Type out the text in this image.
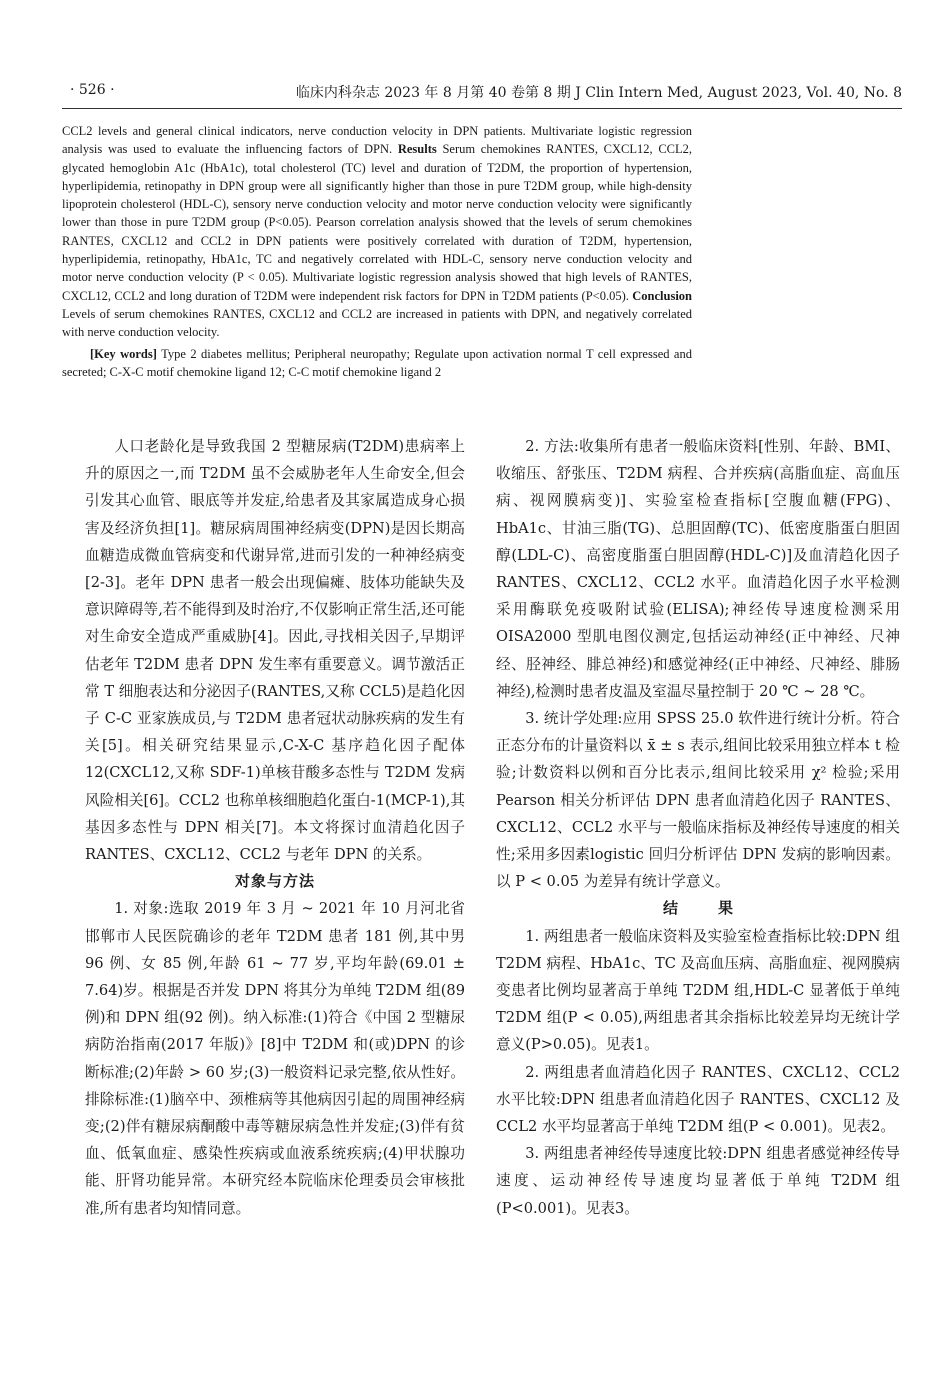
· 526 ·	临床内科杂志 2023 年 8 月第 40 卷第 8 期 J Clin Intern Med, August 2023, Vol. 40, No. 8

CCL2 levels and general clinical indicators, nerve conduction velocity in DPN patients. Multivariate logistic regression analysis was used to evaluate the influencing factors of DPN. Results Serum chemokines RANTES, CXCL12, CCL2, glycated hemoglobin A1c (HbA1c), total cholesterol (TC) level and duration of T2DM, the proportion of hypertension, hyperlipidemia, retinopathy in DPN group were all significantly higher than those in pure T2DM group, while high-density lipoprotein cholesterol (HDL-C), sensory nerve conduction velocity and motor nerve conduction velocity were significantly lower than those in pure T2DM group (P<0.05). Pearson correlation analysis showed that the levels of serum chemokines RANTES, CXCL12 and CCL2 in DPN patients were positively correlated with duration of T2DM, hypertension, hyperlipidemia, retinopathy, HbA1c, TC and negatively correlated with HDL-C, sensory nerve conduction velocity and motor nerve conduction velocity (P < 0.05). Multivariate logistic regression analysis showed that high levels of RANTES, CXCL12, CCL2 and long duration of T2DM were independent risk factors for DPN in T2DM patients (P<0.05). Conclusion Levels of serum chemokines RANTES, CXCL12 and CCL2 are increased in patients with DPN, and negatively correlated with nerve conduction velocity.

[Key words] Type 2 diabetes mellitus; Peripheral neuropathy; Regulate upon activation normal T cell expressed and secreted; C-X-C motif chemokine ligand 12; C-C motif chemokine ligand 2

人口老龄化是导致我国 2 型糖尿病(T2DM)患病率上升的原因之一,而 T2DM 虽不会威胁老年人生命安全,但会引发其心血管、眼底等并发症,给患者及其家属造成身心损害及经济负担[1]。糖尿病周围神经病变(DPN)是因长期高血糖造成微血管病变和代谢异常,进而引发的一种神经病变[2-3]。老年 DPN 患者一般会出现偏瘫、肢体功能缺失及意识障碍等,若不能得到及时治疗,不仅影响正常生活,还可能对生命安全造成严重威胁[4]。因此,寻找相关因子,早期评估老年 T2DM 患者 DPN 发生率有重要意义。调节激活正常 T 细胞表达和分泌因子(RANTES,又称 CCL5)是趋化因子 C-C 亚家族成员,与 T2DM 患者冠状动脉疾病的发生有关[5]。相关研究结果显示,C-X-C 基序趋化因子配体 12(CXCL12,又称 SDF-1)单核苷酸多态性与 T2DM 发病风险相关[6]。CCL2 也称单核细胞趋化蛋白-1(MCP-1),其基因多态性与 DPN 相关[7]。本文将探讨血清趋化因子 RANTES、CXCL12、CCL2 与老年 DPN 的关系。

对象与方法

1. 对象:选取 2019 年 3 月 ~ 2021 年 10 月河北省邯郸市人民医院确诊的老年 T2DM 患者 181 例,其中男 96 例、女 85 例,年龄 61 ~ 77 岁,平均年龄(69.01 ± 7.64)岁。根据是否并发 DPN 将其分为单纯 T2DM 组(89 例)和 DPN 组(92 例)。纳入标准:(1)符合《中国 2 型糖尿病防治指南(2017 年版)》[8]中 T2DM 和(或)DPN 的诊断标准;(2)年龄 > 60 岁;(3)一般资料记录完整,依从性好。排除标准:(1)脑卒中、颈椎病等其他病因引起的周围神经病变;(2)伴有糖尿病酮酸中毒等糖尿病急性并发症;(3)伴有贫血、低氧血症、感染性疾病或血液系统疾病;(4)甲状腺功能、肝肾功能异常。本研究经本院临床伦理委员会审核批准,所有患者均知情同意。

2. 方法:收集所有患者一般临床资料[性别、年龄、BMI、收缩压、舒张压、T2DM 病程、合并疾病(高脂血症、高血压病、视网膜病变)]、实验室检查指标[空腹血糖(FPG)、HbA1c、甘油三脂(TG)、总胆固醇(TC)、低密度脂蛋白胆固醇(LDL-C)、高密度脂蛋白胆固醇(HDL-C)]及血清趋化因子 RANTES、CXCL12、CCL2 水平。血清趋化因子水平检测采用酶联免疫吸附试验(ELISA);神经传导速度检测采用 OISA2000 型肌电图仪测定,包括运动神经(正中神经、尺神经、胫神经、腓总神经)和感觉神经(正中神经、尺神经、腓肠神经),检测时患者皮温及室温尽量控制于 20 ℃ ~ 28 ℃。

3. 统计学处理:应用 SPSS 25.0 软件进行统计分析。符合正态分布的计量资料以 x̄ ± s 表示,组间比较采用独立样本 t 检验;计数资料以例和百分比表示,组间比较采用 χ² 检验;采用 Pearson 相关分析评估 DPN 患者血清趋化因子 RANTES、CXCL12、CCL2 水平与一般临床指标及神经传导速度的相关性;采用多因素logistic 回归分析评估 DPN 发病的影响因素。以 P < 0.05 为差异有统计学意义。

结果

1. 两组患者一般临床资料及实验室检查指标比较:DPN 组 T2DM 病程、HbA1c、TC 及高血压病、高脂血症、视网膜病变患者比例均显著高于单纯 T2DM 组,HDL-C 显著低于单纯 T2DM 组(P < 0.05),两组患者其余指标比较差异均无统计学意义(P>0.05)。见表1。

2. 两组患者血清趋化因子 RANTES、CXCL12、CCL2 水平比较:DPN 组患者血清趋化因子 RANTES、CXCL12 及 CCL2 水平均显著高于单纯 T2DM 组(P < 0.001)。见表2。

3. 两组患者神经传导速度比较:DPN 组患者感觉神经传导速度、运动神经传导速度均显著低于单纯 T2DM 组(P<0.001)。见表3。
